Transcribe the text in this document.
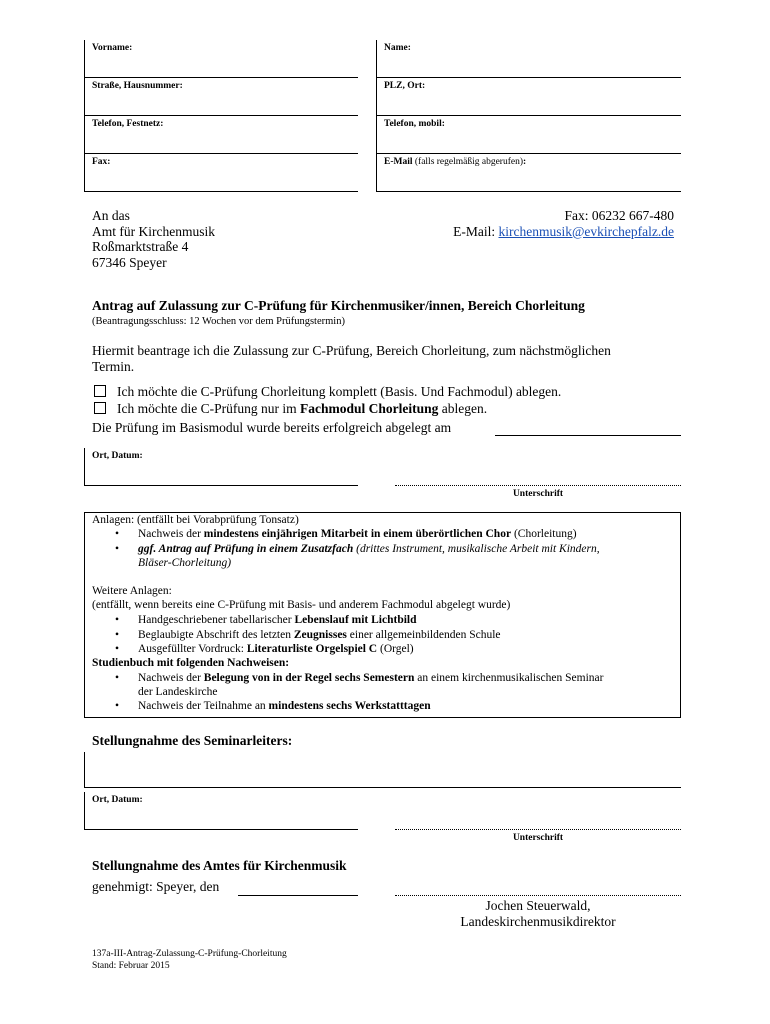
Vorname:	Name:
Straße, Hausnummer:	PLZ, Ort:
Telefon, Festnetz:	Telefon, mobil:
Fax:	E-Mail (falls regelmäßig abgerufen):
An das
Amt für Kirchenmusik
Roßmarktstraße 4
67346 Speyer
Fax: 06232 667-480
E-Mail: kirchenmusik@evkirchepfalz.de
Antrag auf Zulassung zur C-Prüfung für Kirchenmusiker/innen, Bereich Chorleitung
(Beantragungsschluss: 12 Wochen vor dem Prüfungstermin)
Hiermit beantrage ich die Zulassung zur C-Prüfung, Bereich Chorleitung, zum nächstmöglichen
Termin.
Ich möchte die C-Prüfung Chorleitung komplett (Basis. Und Fachmodul) ablegen.
Ich möchte die C-Prüfung nur im Fachmodul Chorleitung ablegen.
Die Prüfung im Basismodul wurde bereits erfolgreich abgelegt am
Ort, Datum:
Unterschrift
Anlagen: (entfällt bei Vorabprüfung Tonsatz)
• Nachweis der mindestens einjährigen Mitarbeit in einem überörtlichen Chor (Chorleitung)
• ggf. Antrag auf Prüfung in einem Zusatzfach (drittes Instrument, musikalische Arbeit mit Kindern,
Bläser-Chorleitung)
Weitere Anlagen:
(entfällt, wenn bereits eine C-Prüfung mit Basis- und anderem Fachmodul abgelegt wurde)
• Handgeschriebener tabellarischer Lebenslauf mit Lichtbild
• Beglaubigte Abschrift des letzten Zeugnisses einer allgemeinbildenden Schule
• Ausgefüllter Vordruck: Literaturliste Orgelspiel C (Orgel)
Studienbuch mit folgenden Nachweisen:
• Nachweis der Belegung von in der Regel sechs Semestern an einem kirchenmusikalischen Seminar
der Landeskirche
• Nachweis der Teilnahme an mindestens sechs Werkstatttagen
Stellungnahme des Seminarleiters:
Ort, Datum:
Unterschrift
Stellungnahme des Amtes für Kirchenmusik
genehmigt: Speyer, den
Jochen Steuerwald,
Landeskirchenmusikdirektor
137a-III-Antrag-Zulassung-C-Prüfung-Chorleitung
Stand: Februar 2015
